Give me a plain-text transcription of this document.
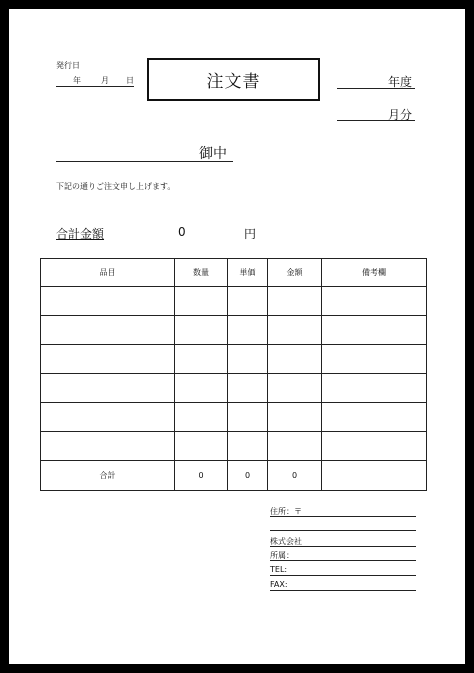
発行日
年	月 日	注文書	年度
月分
御中
下記の通りご注文申し上げます。
合計金額	0	円
品目	数量	単価	金額	備考欄

合計	0	0	0	
住所：〒
株式会社
所属：
TEL:
FAX:
